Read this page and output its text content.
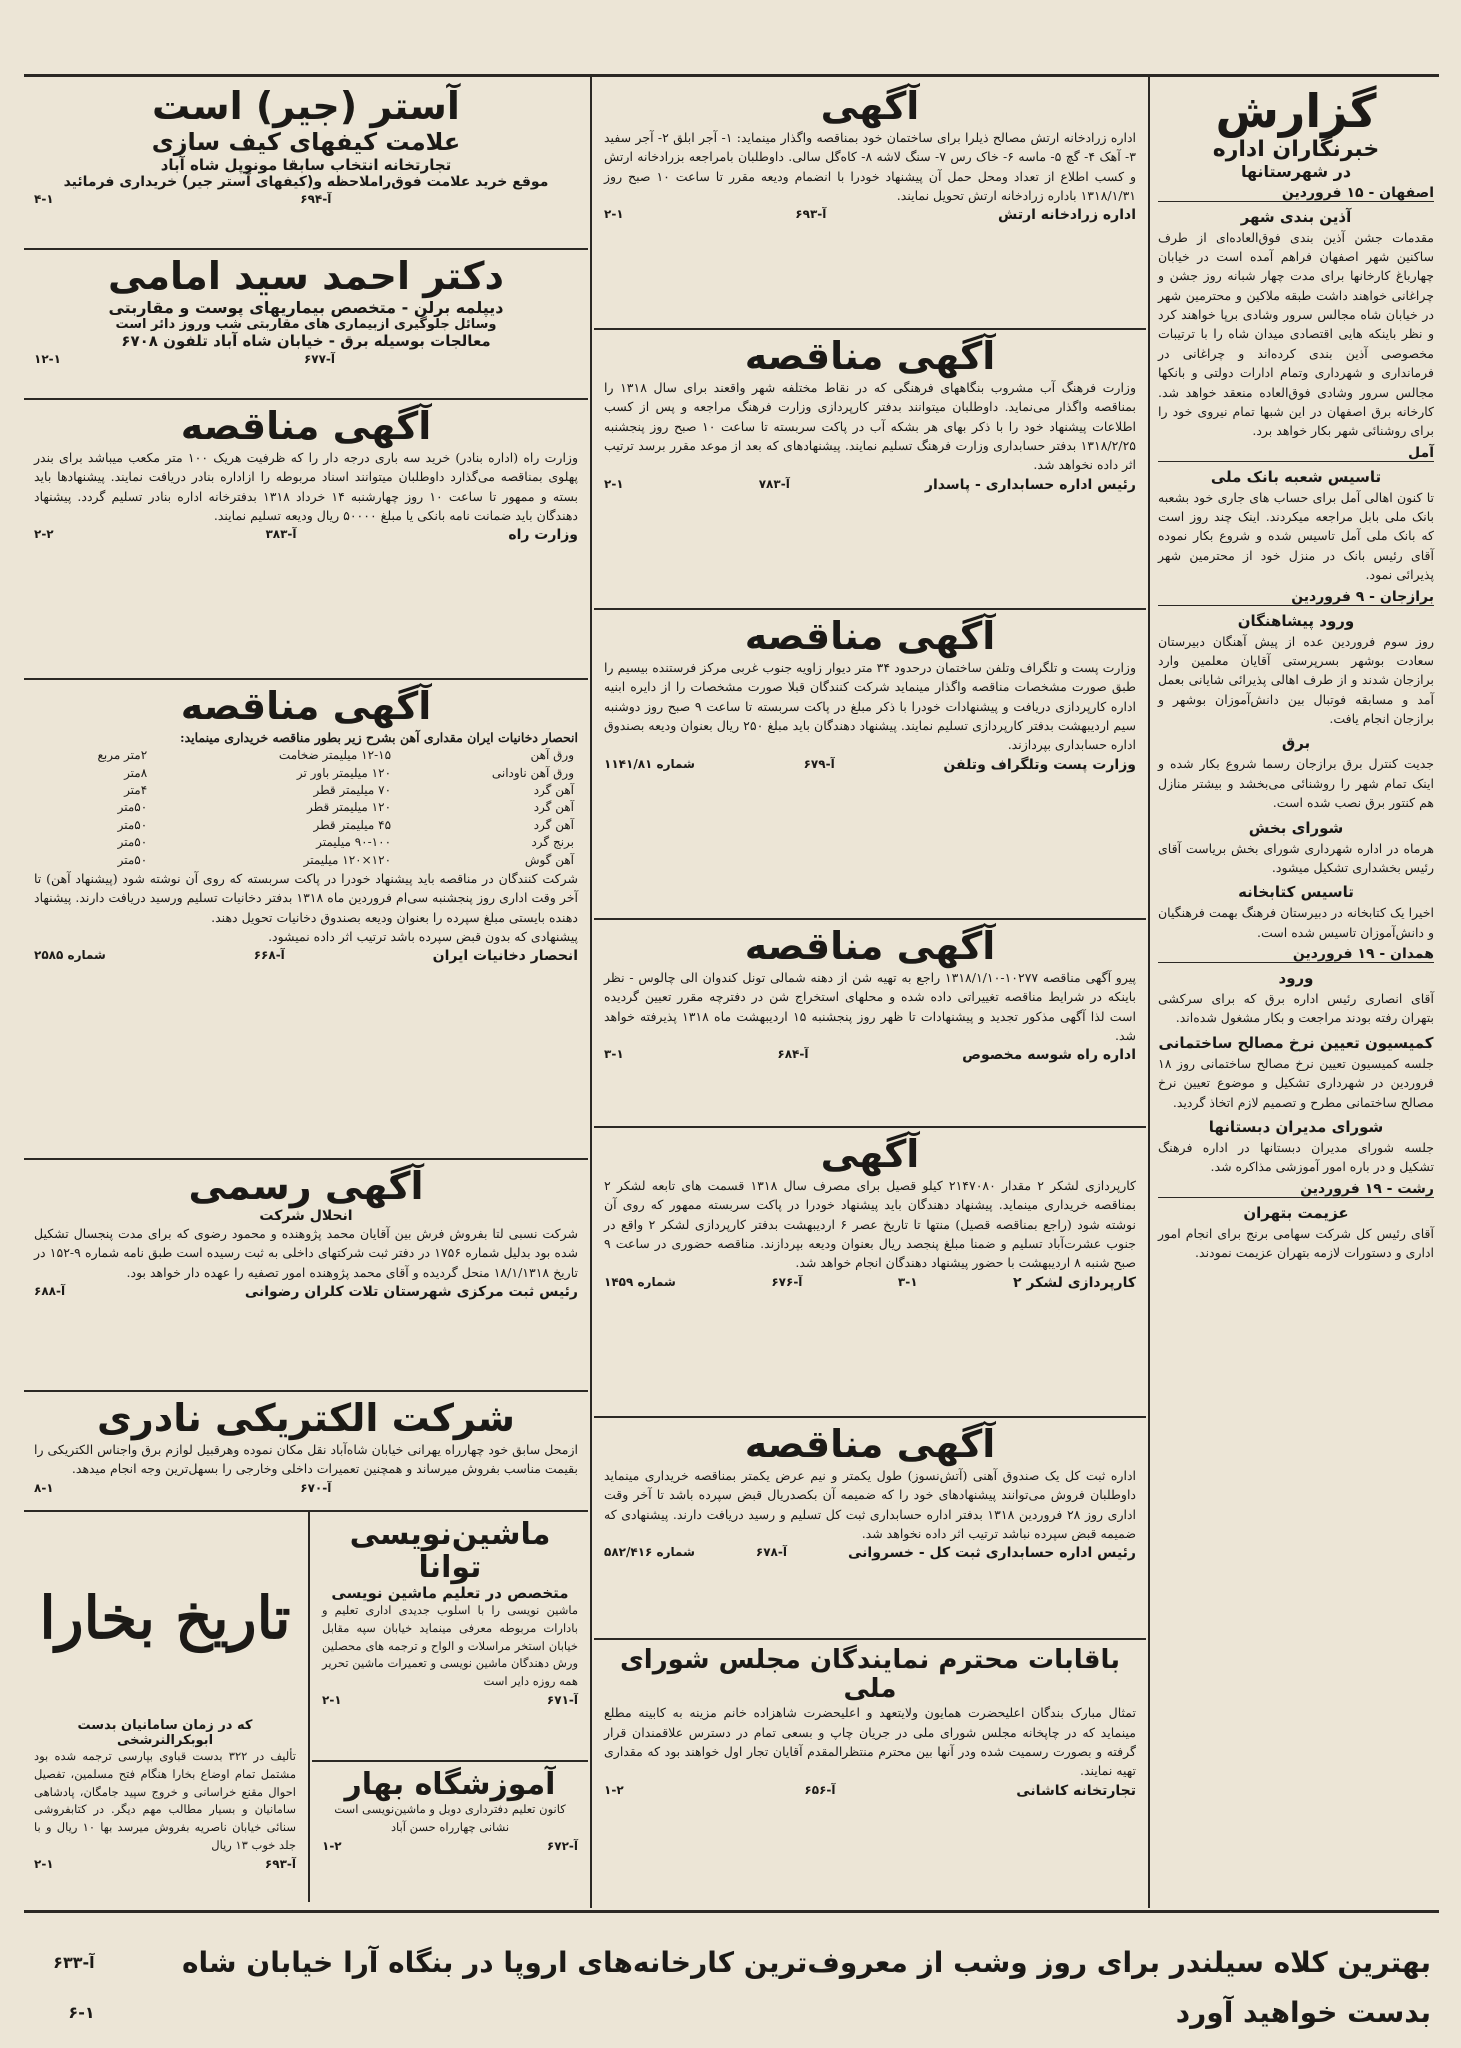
گزارش
خبرنگاران اداره
در شهرستانها
اصفهان - ۱۵ فروردین
آذین بندی شهر
مقدمات جشن آذین بندی فوق‌العاده‌ای از طرف ساکنین شهر اصفهان فراهم آمده است در خیابان چهارباغ کارخانها برای مدت چهار شبانه روز جشن و چراغانی خواهند داشت طبقه ملاکین و محترمین شهر در خیابان شاه مجالس سرور وشادی برپا خواهند کرد و نظر باینکه هایی اقتصادی میدان شاه را با ترتیبات مخصوصی آذین بندی کرده‌اند و چراغانی در فرمانداری و شهرداری وتمام ادارات دولتی و بانکها مجالس سرور وشادی فوق‌العاده منعقد خواهد شد. کارخانه برق اصفهان در این شبها تمام نیروی خود را برای روشنائی شهر بکار خواهد برد.
آمل
تاسیس شعبه بانک ملی
تا کنون اهالی آمل برای حساب های جاری خود بشعبه بانک ملی بابل مراجعه میکردند. اینک چند روز است که بانک ملی آمل تاسیس شده و شروع بکار نموده آقای رئیس بانک در منزل خود از محترمین شهر پذیرائی نمود.
برازجان - ۹ فروردین
ورود پیشاهنگان
روز سوم فروردین عده از پیش آهنگان دبیرستان سعادت بوشهر بسرپرستی آقایان معلمین وارد برازجان شدند و از طرف اهالی پذیرائی شایانی بعمل آمد و مسابقه فوتبال بین دانش‌آموزان بوشهر و برازجان انجام یافت.
برق
جدیت کنترل برق برازجان رسما شروع بکار شده و اینک تمام شهر را روشنائی می‌بخشد و بیشتر منازل هم کنتور برق نصب شده است.
شورای بخش
هرماه در اداره شهرداری شورای بخش بریاست آقای رئیس بخشداری تشکیل میشود.
تاسیس کتابخانه
اخیرا یک کتابخانه در دبیرستان فرهنگ بهمت فرهنگیان و دانش‌آموزان تاسیس شده است.
همدان - ۱۹ فروردین
ورود
آقای انصاری رئیس اداره برق که برای سرکشی بتهران رفته بودند مراجعت و بکار مشغول شده‌اند.
کمیسیون تعیین نرخ مصالح ساختمانی
جلسه کمیسیون تعیین نرخ مصالح ساختمانی روز ۱۸ فروردین در شهرداری تشکیل و موضوع تعیین نرخ مصالح ساختمانی مطرح و تصمیم لازم اتخاذ گردید.
شورای مدیران دبستانها
جلسه شورای مدیران دبستانها در اداره فرهنگ تشکیل و در باره امور آموزشی مذاکره شد.
رشت - ۱۹ فروردین
عزیمت بتهران
آقای رئیس کل شرکت سهامی برنج برای انجام امور اداری و دستورات لازمه بتهران عزیمت نمودند.
آگهی
اداره زرادخانه ارتش مصالح ذیلرا برای ساختمان خود بمناقصه واگذار مینماید: ۱- آجر ابلق ۲- آجر سفید ۳- آهک ۴- گچ ۵- ماسه ۶- خاک رس ۷- سنگ لاشه ۸- کاه‌گل سالی. داوطلبان بامراجعه بزرادخانه ارتش و کسب اطلاع از تعداد ومحل حمل آن پیشنهاد خودرا با انضمام ودیعه مقرر تا ساعت ۱۰ صبح روز ۱۳۱۸/۱/۳۱ باداره زرادخانه ارتش تحویل نمایند.
اداره زرادخانه ارتش
آ-۶۹۳
۲-۱
آگهی مناقصه
وزارت فرهنگ آب مشروب بنگاههای فرهنگی که در نقاط مختلفه شهر واقعند برای سال ۱۳۱۸ را بمناقصه واگذار می‌نماید. داوطلبان میتوانند بدفتر کارپردازی وزارت فرهنگ مراجعه و پس از کسب اطلاعات پیشنهاد خود را با ذکر بهای هر بشکه آب در پاکت سربسته تا ساعت ۱۰ صبح روز پنجشنبه ۱۳۱۸/۲/۲۵ بدفتر حسابداری وزارت فرهنگ تسلیم نمایند. پیشنهادهای که بعد از موعد مقرر برسد ترتیب اثر داده نخواهد شد.
رئیس اداره حسابداری - پاسدار
آ-۷۸۳
۲-۱
آگهی مناقصه
وزارت پست و تلگراف وتلفن ساختمان درحدود ۳۴ متر دیوار زاویه جنوب غربی مرکز فرستنده بیسیم را طبق صورت مشخصات مناقصه واگذار مینماید شرکت کنندگان قبلا صورت مشخصات را از دایره ابنیه اداره کارپردازی دریافت و پیشنهادات خودرا با ذکر مبلغ در پاکت سربسته تا ساعت ۹ صبح روز دوشنبه سیم اردیبهشت بدفتر کارپردازی تسلیم نمایند. پیشنهاد دهندگان باید مبلغ ۲۵۰ ریال بعنوان ودیعه بصندوق اداره حسابداری بپردازند.
وزارت پست وتلگراف وتلفن
آ-۶۷۹
شماره ۱۱۴۱/۸۱
آگهی مناقصه
پیرو آگهی مناقصه ۱۰۲۷۷-۱۳۱۸/۱/۱۰ راجع به تهیه شن از دهنه شمالی تونل کندوان الی چالوس - نظر باینکه در شرایط مناقصه تغییراتی داده شده و محلهای استخراج شن در دفترچه مقرر تعیین گردیده است لذا آگهی مذکور تجدید و پیشنهادات تا ظهر روز پنجشنبه ۱۵ اردیبهشت ماه ۱۳۱۸ پذیرفته خواهد شد.
اداره راه شوسه مخصوص
آ-۶۸۴
۳-۱
آگهی
کارپردازی لشکر ۲ مقدار ۲۱۴۷۰۸۰ کیلو قصیل برای مصرف سال ۱۳۱۸ قسمت های تابعه لشکر ۲ بمناقصه خریداری مینماید. پیشنهاد دهندگان باید پیشنهاد خودرا در پاکت سربسته ممهور که روی آن نوشته شود (راجع بمناقصه قصیل) منتها تا تاریخ عصر ۶ اردیبهشت بدفتر کارپردازی لشکر ۲ واقع در جنوب عشرت‌آباد تسلیم و ضمنا مبلغ پنجصد ریال بعنوان ودیعه بپردازند. مناقصه حضوری در ساعت ۹ صبح شنبه ۸ اردیبهشت با حضور پیشنهاد دهندگان انجام خواهد شد.
کارپردازی لشکر ۲
۳-۱
آ-۶۷۶
شماره ۱۴۵۹
آگهی مناقصه
اداره ثبت کل یک صندوق آهنی (آتش‌نسوز) طول یکمتر و نیم عرض یکمتر بمناقصه خریداری مینماید داوطلبان فروش می‌توانند پیشنهادهای خود را که ضمیمه آن بکصدریال قبض سپرده باشد تا آخر وقت اداری روز ۲۸ فروردین ۱۳۱۸ بدفتر اداره حسابداری ثبت کل تسلیم و رسید دریافت دارند. پیشنهادی که ضمیمه قبض سپرده نباشد ترتیب اثر داده نخواهد شد.
رئیس اداره حسابداری ثبت کل - خسروانی
آ-۶۷۸
شماره ۵۸۲/۴۱۶
باقابات محترم نمایندگان مجلس شورای ملی
تمثال مبارک بندگان اعلیحضرت همایون ولایتعهد و اعلیحضرت شاهزاده خانم مزینه به کابینه مطلع مینماید که در چاپخانه مجلس شورای ملی در جریان چاپ و بسعی تمام در دسترس علاقمندان قرار گرفته و بصورت رسمیت شده ودر آنها بین محترم منتظرالمقدم آقایان تجار اول خواهند بود که مقداری تهیه نمایند.
تجارتخانه کاشانی
آ-۶۵۶
۱-۲
آستر (جیر) است
علامت کیفهای کیف سازی
تجارتخانه انتخاب سابقا مونوپل شاه آباد
موقع خرید علامت فوق‌راملاحظه و(کیفهای آستر جیر) خریداری فرمائید
آ-۶۹۴
۴-۱
دکتر احمد سید امامی
دیپلمه برلن - متخصص بیماریهای پوست و مقاربتی
وسائل جلوگیری ازبیماری های مقاربتی شب وروز دائر است
معالجات بوسیله برق - خیابان شاه آباد تلفون ۶۷۰۸
آ-۶۷۷
۱۲-۱
آگهی مناقصه
وزارت راه (اداره بنادر) خرید سه باری درجه دار را که ظرفیت هریک ۱۰۰ متر مکعب میباشد برای بندر پهلوی بمناقصه می‌گذارد داوطلبان میتوانند اسناد مربوطه را ازاداره بنادر دریافت نمایند. پیشنهادها باید بسته و ممهور تا ساعت ۱۰ روز چهارشنبه ۱۴ خرداد ۱۳۱۸ بدفترخانه اداره بنادر تسلیم گردد. پیشنهاد دهندگان باید ضمانت نامه بانکی یا مبلغ ۵۰۰۰۰ ریال ودیعه تسلیم نمایند.
وزارت راه
آ-۳۸۳
۲-۲
آگهی مناقصه
انحصار دخانیات ایران مقداری آهن بشرح زیر بطور مناقصه خریداری مینماید:
ورق آهن	۱۲-۱۵ میلیمتر ضخامت	۲متر مربع
ورق آهن ناودانی	۱۲۰ میلیمتر باور تر	۸متر
آهن گرد	۷۰ میلیمتر قطر	۴متر
آهن گرد	۱۲۰ میلیمتر قطر	۵۰متر
آهن گرد	۴۵ میلیمتر قطر	۵۰متر
برنج گرد	۹۰-۱۰۰ میلیمتر	۵۰متر
آهن گوش	۱۲۰×۱۲۰ میلیمتر	۵۰متر
شرکت کنندگان در مناقصه باید پیشنهاد خودرا در پاکت سربسته که روی آن نوشته شود (پیشنهاد آهن) تا آخر وقت اداری روز پنجشنبه سی‌ام فروردین ماه ۱۳۱۸ بدفتر دخانیات تسلیم ورسید دریافت دارند. پیشنهاد دهنده بایستی مبلغ سپرده را بعنوان ودیعه بصندوق دخانیات تحویل دهند.
پیشنهادی که بدون قبض سپرده باشد ترتیب اثر داده نمیشود.
انحصار دخانیات ایران
آ-۶۶۸
شماره ۲۵۸۵
آگهی رسمی
انحلال شرکت
شرکت نسبی لتا بفروش فرش بین آقایان محمد پژوهنده و محمود رضوی که برای مدت پنجسال تشکیل شده بود بدلیل شماره ۱۷۵۶ در دفتر ثبت شرکتهای داخلی به ثبت رسیده است طبق نامه شماره ۹-۱۵۲ در تاریخ ۱۸/۱/۱۳۱۸ منحل گردیده و آقای محمد پژوهنده امور تصفیه را عهده دار خواهد بود.
رئیس ثبت مرکزی شهرستان تلات کلران رضوانی
آ-۶۸۸
شرکت الکتریکی نادری
ازمحل سابق خود چهارراه یهرانی خیابان شاه‌آباد نقل مکان نموده وهرقبیل لوازم برق واجناس الکتریکی را بقیمت مناسب بفروش میرساند و همچنین تعمیرات داخلی وخارجی را بسهل‌ترین وجه انجام میدهد.
آ-۶۷۰
۸-۱
تاریخ بخارا
که در زمان سامانیان بدست ابوبکرالنرشخی
تألیف در ۳۲۲ بدست قباوی بپارسی ترجمه شده بود مشتمل تمام اوضاع بخارا هنگام فتح مسلمین، تفصیل احوال مقنع خراسانی و خروج سپید جامگان، پادشاهی سامانیان و بسیار مطالب مهم دیگر. در کتابفروشی سنائی خیابان ناصریه بفروش میرسد بها ۱۰ ریال و با جلد خوب ۱۳ ریال
آ-۶۹۳
۲-۱
ماشین‌نویسی توانا
متخصص در تعلیم ماشین نویسی
ماشین نویسی را با اسلوب جدیدی اداری تعلیم و بادارات مربوطه معرفی مینماید خیابان سپه مقابل خیابان استخر مراسلات و الواح و ترجمه های محصلین ورش دهندگان ماشین نویسی و تعمیرات ماشین تحریر همه روزه دایر است
آ-۶۷۱
۲-۱
آموزشگاه بهار
کانون تعلیم دفترداری دوبل و ماشین‌نویسی است نشانی چهارراه حسن آباد
آ-۶۷۲
۱-۲
بهترین کلاه سیلندر برای روز وشب از معروف‌ترین کارخانه‌های اروپا در بنگاه آرا خیابان شاه بدست خواهید آورد
آ-۶۳۳ ۱-۶
